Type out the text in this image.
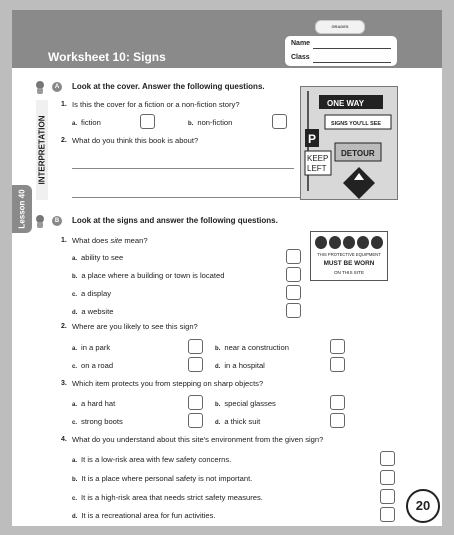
GRADES
Worksheet 10: Signs
Name
Class
INTERPRETATION
Lesson 40
A	Look at the cover. Answer the following questions.
1. Is this the cover for a fiction or a non-fiction story?
a. fiction	b. non-fiction
2. What do you think this book is about?
ONE WAY
SIGNS YOU'LL SEE
P
DETOUR
KEEP
LEFT
B	Look at the signs and answer the following questions.
THIS PROTECTIVE EQUIPMENT
MUST BE WORN
ON THIS SITE
1. What does site mean?
a. ability to see
b. a place where a building or town is located
c. a display
d. a website
2. Where are you likely to see this sign?
a. in a park	b. near a construction
c. on a road	d. in a hospital
3. Which item protects you from stepping on sharp objects?
a. a hard hat	b. special glasses
c. strong boots	d. a thick suit
4. What do you understand about this site's environment from the given sign?
a. It is a low-risk area with few safety concerns.
b. It is a place where personal safety is not important.
c. It is a high-risk area that needs strict safety measures.
d. It is a recreational area for fun activities.
20
